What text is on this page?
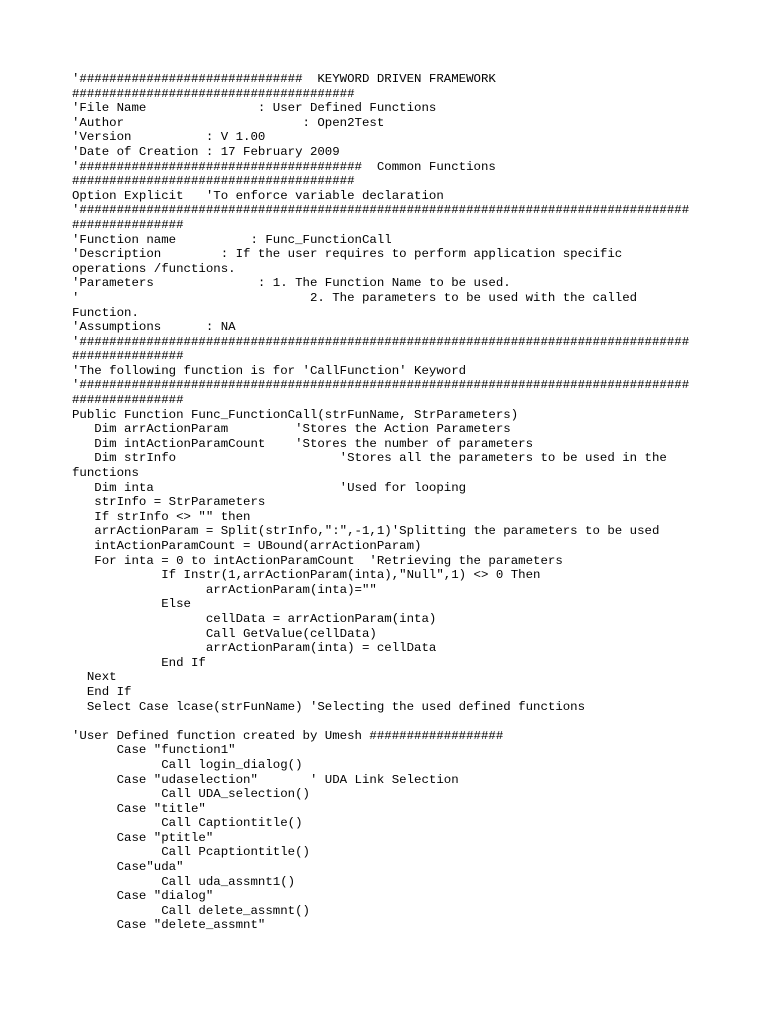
'##############################  KEYWORD DRIVEN FRAMEWORK
######################################
'File Name               : User Defined Functions
'Author                        : Open2Test
'Version          : V 1.00
'Date of Creation : 17 February 2009
'######################################  Common Functions
######################################
Option Explicit   'To enforce variable declaration
'##################################################################################
###############
'Function name          : Func_FunctionCall
'Description        : If the user requires to perform application specific
operations /functions.
'Parameters              : 1. The Function Name to be used.
'                               2. The parameters to be used with the called
Function.
'Assumptions      : NA
'##################################################################################
###############
'The following function is for 'CallFunction' Keyword
'##################################################################################
###############
Public Function Func_FunctionCall(strFunName, StrParameters)
Dim arrActionParam         'Stores the Action Parameters
Dim intActionParamCount    'Stores the number of parameters
Dim strInfo                      'Stores all the parameters to be used in the
functions
Dim inta                         'Used for looping
strInfo = StrParameters
If strInfo <> "" then
arrActionParam = Split(strInfo,":",-1,1)'Splitting the parameters to be used
intActionParamCount = UBound(arrActionParam)
For inta = 0 to intActionParamCount  'Retrieving the parameters
If Instr(1,arrActionParam(inta),"Null",1) <> 0 Then
arrActionParam(inta)=""
Else
cellData = arrActionParam(inta)
Call GetValue(cellData)
arrActionParam(inta) = cellData
End If
Next
End If
Select Case lcase(strFunName) 'Selecting the used defined functions
'User Defined function created by Umesh ##################
Case "function1"
Call login_dialog()
Case "udaselection"       ' UDA Link Selection
Call UDA_selection()
Case "title"
Call Captiontitle()
Case "ptitle"
Call Pcaptiontitle()
Case"uda"
Call uda_assmnt1()
Case "dialog"
Call delete_assmnt()
Case "delete_assmnt"
